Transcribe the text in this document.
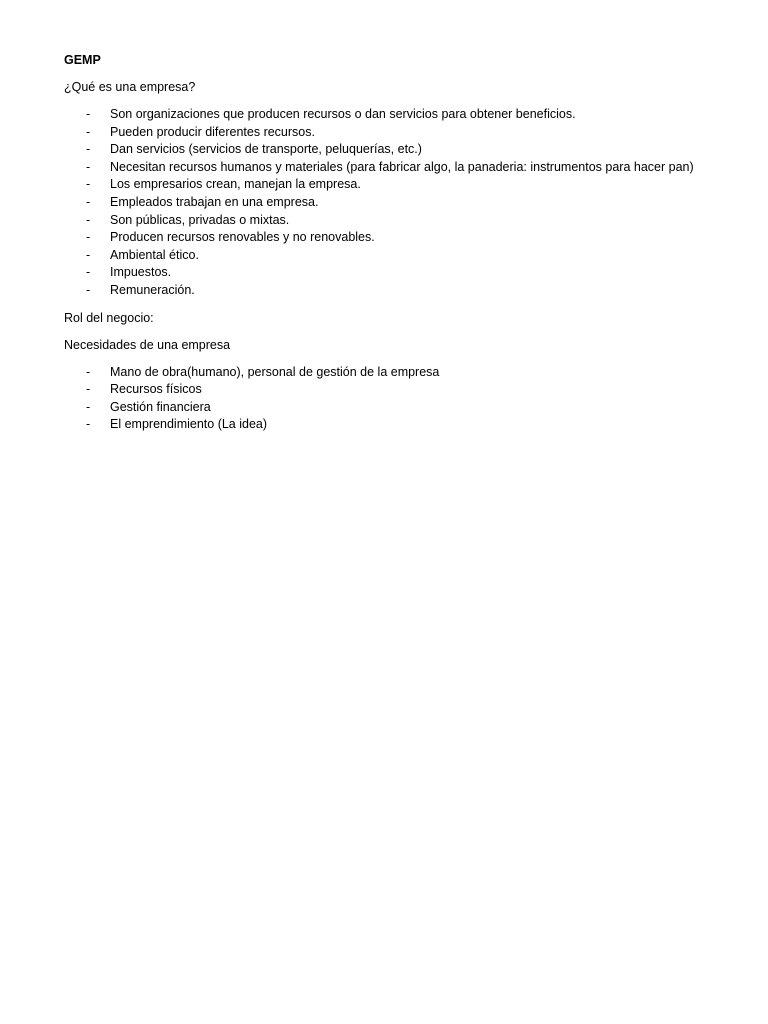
GEMP
¿Qué es una empresa?
- Son organizaciones que producen recursos o dan servicios para obtener beneficios.
- Pueden producir diferentes recursos.
- Dan servicios (servicios de transporte, peluquerías, etc.)
- Necesitan recursos humanos y materiales (para fabricar algo, la panaderia: instrumentos para hacer pan)
- Los empresarios crean, manejan la empresa.
- Empleados trabajan en una empresa.
- Son públicas, privadas o mixtas.
- Producen recursos renovables y no renovables.
- Ambiental ético.
- Impuestos.
- Remuneración.
Rol del negocio:
Necesidades de una empresa
- Mano de obra(humano), personal de gestión de la empresa
- Recursos físicos
- Gestión financiera
- El emprendimiento (La idea)
